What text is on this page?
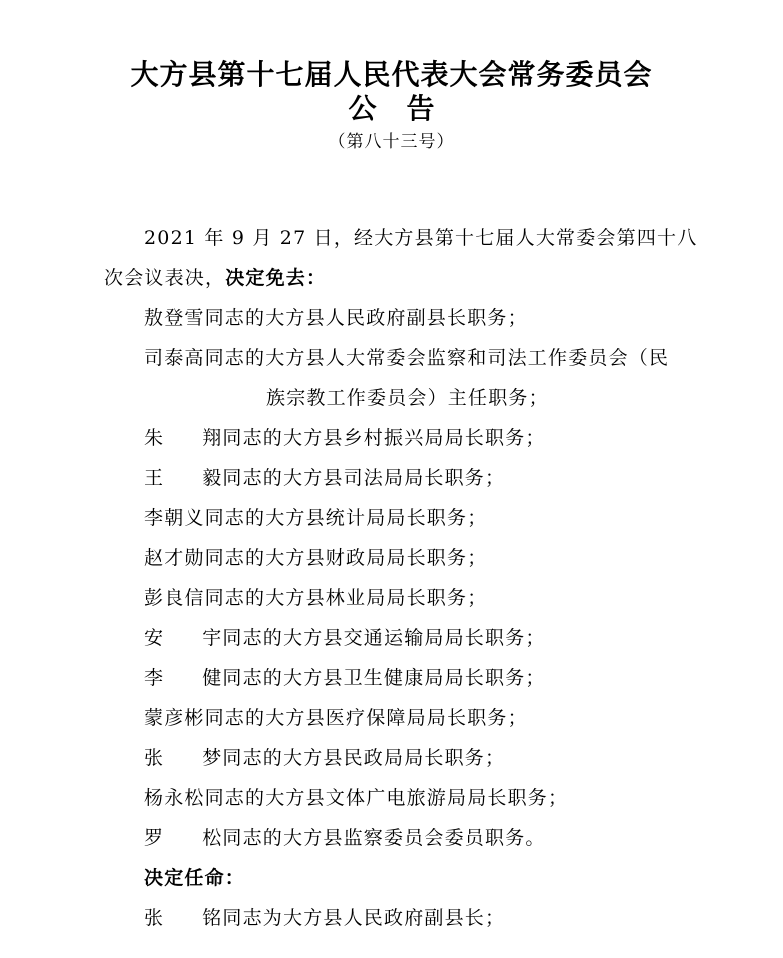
大方县第十七届人民代表大会常务委员会
公告
（第八十三号）
2021 年 9 月 27 日，经大方县第十七届人大常委会第四十八
次会议表决，决定免去：
敖登雪同志的大方县人民政府副县长职务；
司泰高同志的大方县人大常委会监察和司法工作委员会（民
族宗教工作委员会）主任职务；
朱 翔同志的大方县乡村振兴局局长职务；
王 毅同志的大方县司法局局长职务；
李朝义同志的大方县统计局局长职务；
赵才勋同志的大方县财政局局长职务；
彭良信同志的大方县林业局局长职务；
安 宇同志的大方县交通运输局局长职务；
李 健同志的大方县卫生健康局局长职务；
蒙彦彬同志的大方县医疗保障局局长职务；
张 梦同志的大方县民政局局长职务；
杨永松同志的大方县文体广电旅游局局长职务；
罗 松同志的大方县监察委员会委员职务。
决定任命：
张 铭同志为大方县人民政府副县长；
